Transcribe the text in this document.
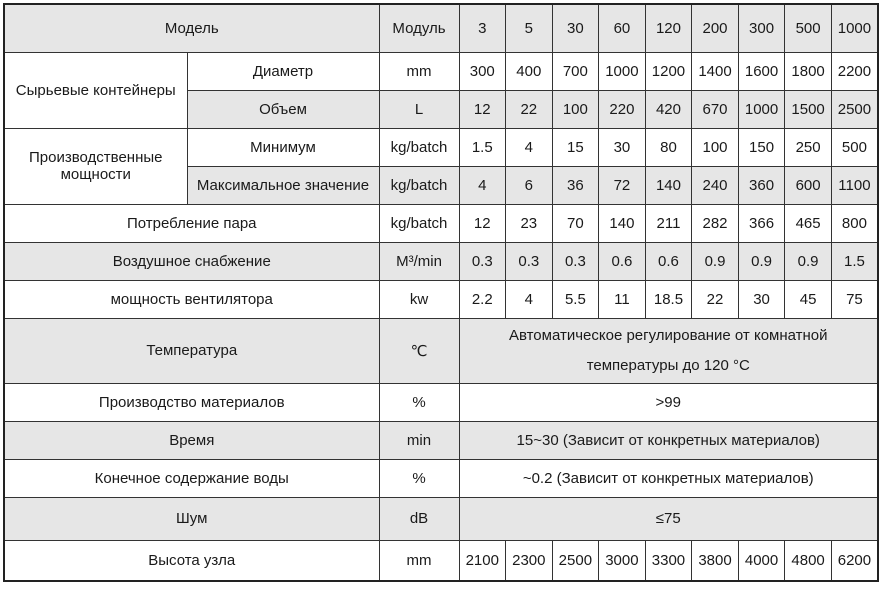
Модель		Модуль	3	5	30	60	120	200	300	500	1000
Сырьевые контейнеры	Диаметр	mm	300	400	700	1000	1200	1400	1600	1800	2200
	Объем	L	12	22	100	220	420	670	1000	1500	2500
Производственные мощности	Минимум	kg/batch	1.5	4	15	30	80	100	150	250	500
	Максимальное значение	kg/batch	4	6	36	72	140	240	360	600	1100
Потребление пара		kg/batch	12	23	70	140	211	282	366	465	800
Воздушное снабжение		M³/min	0.3	0.3	0.3	0.6	0.6	0.9	0.9	0.9	1.5
мощность вентилятора		kw	2.2	4	5.5	11	18.5	22	30	45	75
Температура		℃	Автоматическое регулирование от комнатной температуры до 120 °C								
Производство материалов		%	>99								
Время		min	15~30 (Зависит от конкретных материалов)								
Конечное содержание воды		%	~0.2 (Зависит от конкретных материалов)								
Шум		dB	≤75								
Высота узла		mm	2100	2300	2500	3000	3300	3800	4000	4800	6200
